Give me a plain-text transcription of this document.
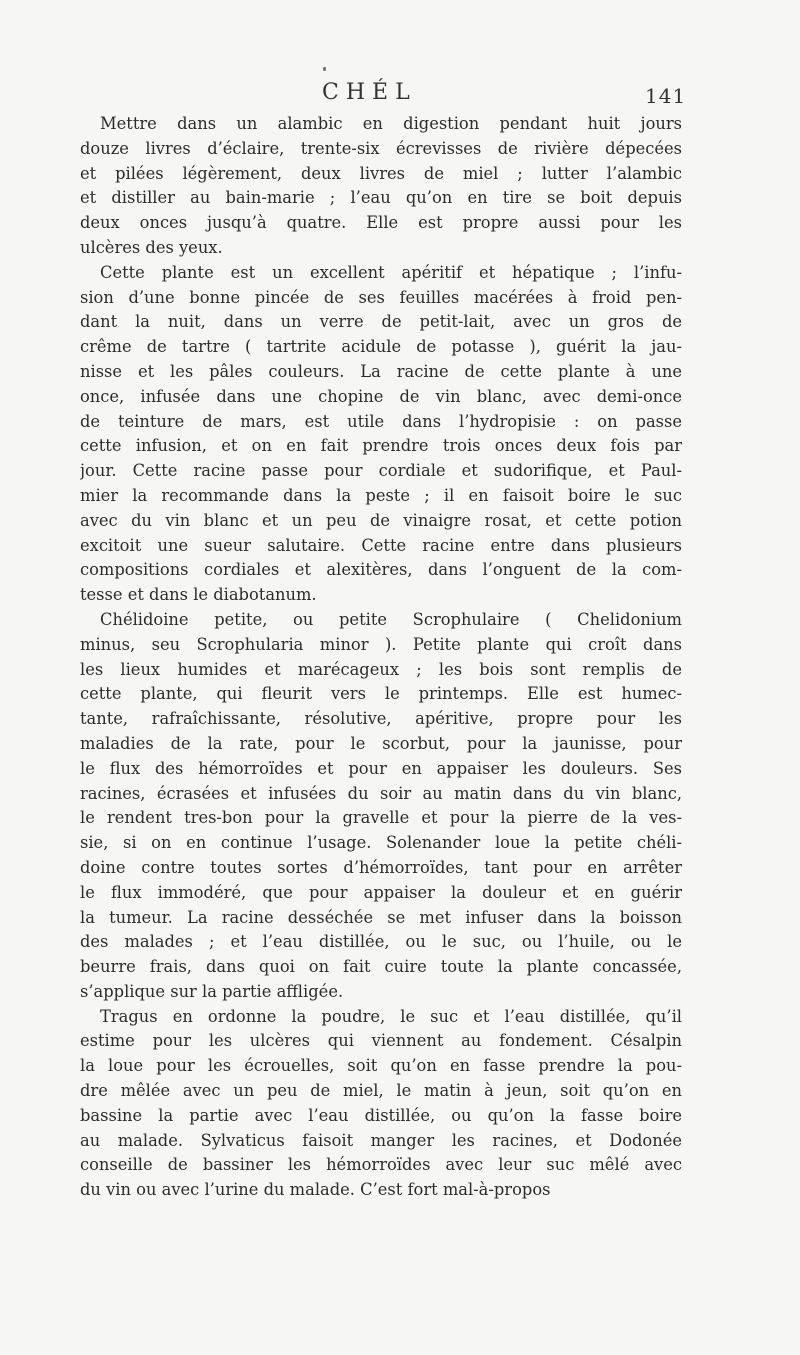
CHÉL	141
Mettre dans un alambic en digestion pendant huit jours
douze livres d’éclaire, trente-six écrevisses de rivière dépecées
et pilées légèrement, deux livres de miel ; lutter l’alambic
et distiller au bain-marie ; l’eau qu’on en tire se boit depuis
deux onces jusqu’à quatre. Elle est propre aussi pour les
ulcères des yeux.
Cette plante est un excellent apéritif et hépatique ; l’infu-
sion d’une bonne pincée de ses feuilles macérées à froid pen-
dant la nuit, dans un verre de petit-lait, avec un gros de
crême de tartre ( tartrite acidule de potasse ), guérit la jau-
nisse et les pâles couleurs. La racine de cette plante à une
once, infusée dans une chopine de vin blanc, avec demi-once
de teinture de mars, est utile dans l’hydropisie : on passe
cette infusion, et on en fait prendre trois onces deux fois par
jour. Cette racine passe pour cordiale et sudorifique, et Paul-
mier la recommande dans la peste ; il en faisoit boire le suc
avec du vin blanc et un peu de vinaigre rosat, et cette potion
excitoit une sueur salutaire. Cette racine entre dans plusieurs
compositions cordiales et alexitères, dans l’onguent de la com-
tesse et dans le diabotanum.
Chélidoine petite, ou petite Scrophulaire ( Chelidonium
minus, seu Scrophularia minor ). Petite plante qui croît dans
les lieux humides et marécageux ; les bois sont remplis de
cette plante, qui fleurit vers le printemps. Elle est humec-
tante, rafraîchissante, résolutive, apéritive, propre pour les
maladies de la rate, pour le scorbut, pour la jaunisse, pour
le flux des hémorroïdes et pour en appaiser les douleurs. Ses
racines, écrasées et infusées du soir au matin dans du vin blanc,
le rendent tres-bon pour la gravelle et pour la pierre de la ves-
sie, si on en continue l’usage. Solenander loue la petite chéli-
doine contre toutes sortes d’hémorroïdes, tant pour en arrêter
le flux immodéré, que pour appaiser la douleur et en guérir
la tumeur. La racine desséchée se met infuser dans la boisson
des malades ; et l’eau distillée, ou le suc, ou l’huile, ou le
beurre frais, dans quoi on fait cuire toute la plante concassée,
s’applique sur la partie affligée.
Tragus en ordonne la poudre, le suc et l’eau distillée, qu’il
estime pour les ulcères qui viennent au fondement. Césalpin
la loue pour les écrouelles, soit qu’on en fasse prendre la pou-
dre mêlée avec un peu de miel, le matin à jeun, soit qu’on en
bassine la partie avec l’eau distillée, ou qu’on la fasse boire
au malade. Sylvaticus faisoit manger les racines, et Dodonée
conseille de bassiner les hémorroïdes avec leur suc mêlé avec
du vin ou avec l’urine du malade. C’est fort mal-à-propos
